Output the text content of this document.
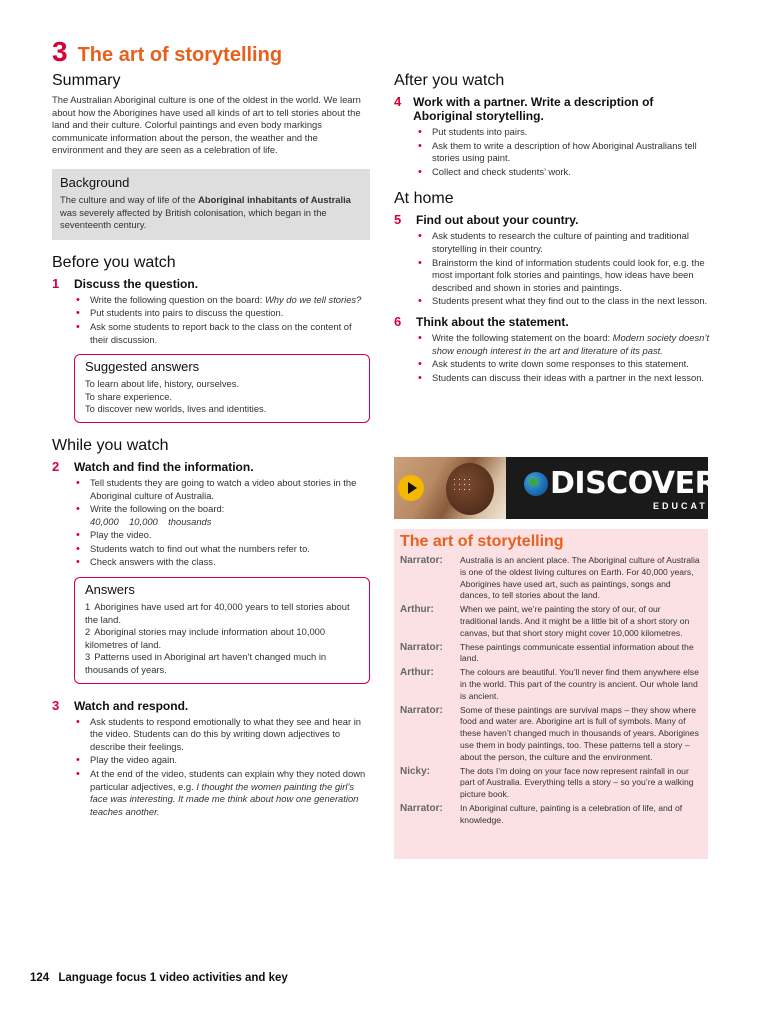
3 The art of storytelling
Summary

The Australian Aboriginal culture is one of the oldest in the world. We learn about how the Aborigines have used all kinds of art to tell stories about the land and their culture. Colorful paintings and even body markings communicate information about the person, the weather and the environment and they are seen as a celebration of life.

Background

The culture and way of life of the Aboriginal inhabitants of Australia was severely affected by British colonisation, which began in the seventeenth century.

Before you watch
1	Discuss the question.
• Write the following question on the board: Why do we tell stories?
• Put students into pairs to discuss the question.
• Ask some students to report back to the class on the content of their discussion.
Suggested answers

To learn about life, history, ourselves.

To share experience.

To discover new worlds, lives and identities.

While you watch
2	Watch and find the information.
• Tell students they are going to watch a video about stories in the Aboriginal culture of Australia.
• Write the following on the board:
40,000    10,000    thousands
• Play the video.
• Students watch to find out what the numbers refer to.
• Check answers with the class.
Answers

1 Aborigines have used art for 40,000 years to tell stories about the land.

2 Aboriginal stories may include information about 10,000 kilometres of land.

3 Patterns used in Aboriginal art haven’t changed much in thousands of years.

3	Watch and respond.
• Ask students to respond emotionally to what they see and hear in the video. Students can do this by writing down adjectives to describe their feelings.
• Play the video again.
• At the end of the video, students can explain why they noted down particular adjectives, e.g. I thought the women painting the girl’s face was interesting. It made me think about how one generation teaches another.
After you watch
4 Work with a partner. Write a description of Aboriginal storytelling.
• Put students into pairs.
• Ask them to write a description of how Aboriginal Australians tell stories using paint.
• Collect and check students’ work.
At home
5	Find out about your country.
• Ask students to research the culture of painting and traditional storytelling in their country.
• Brainstorm the kind of information students could look for, e.g. the most important folk stories and paintings, how ideas have been described and shown in stories and paintings.
• Students present what they find out to the class in the next lesson.
6	Think about the statement.
• Write the following statement on the board: Modern society doesn’t show enough interest in the art and literature of its past.
• Ask students to write down some responses to this statement.
• Students can discuss their ideas with a partner in the next lesson.
DISCOVERY
EDUCATION
The art of storytelling
Narrator:	Australia is an ancient place. The Aboriginal culture of Australia is one of the oldest living cultures on Earth. For 40,000 years, Aborigines have used art, such as paintings, songs and dances, to tell stories about the land.
Arthur:	When we paint, we’re painting the story of our, of our traditional lands. And it might be a little bit of a short story on canvas, but that short story might cover 10,000 kilometres.
Narrator:	These paintings communicate essential information about the land.
Arthur:	The colours are beautiful. You’ll never find them anywhere else in the world. This part of the country is ancient. Our whole land is ancient.
Narrator:	Some of these paintings are survival maps – they show where food and water are. Aborigine art is full of symbols. Many of these haven’t changed much in thousands of years. Aborigines use them in body paintings, too. These patterns tell a story – about the person, the culture and the environment.
Nicky:	The dots I’m doing on your face now represent rainfall in our part of Australia. Everything tells a story – so you’re a walking picture book.
Narrator:	In Aboriginal culture, painting is a celebration of life, and of knowledge.
124 Language focus 1 video activities and key
